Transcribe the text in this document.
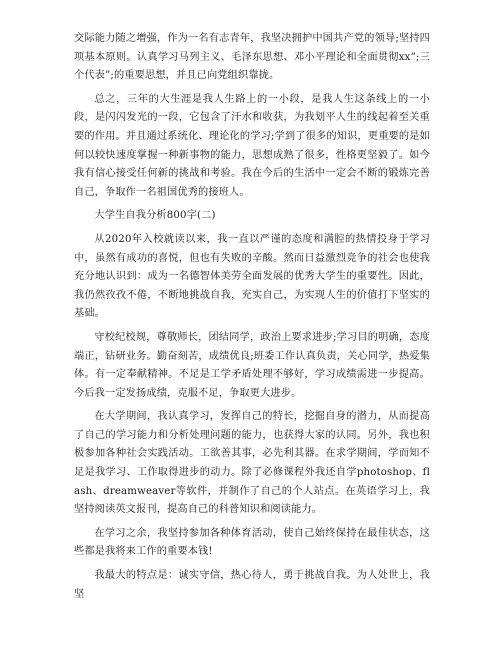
交际能力随之增强，作为一名有志青年，我坚决拥护中国共产党的领导;坚持四项基本原则。认真学习马列主义、毛泽东思想、邓小平理论和全面贯彻xx”;三个代表”;的重要思想，并且已向党组织靠拢。

总之，三年的大生涯是我人生路上的一小段，是我人生这条线上的一小段，是闪闪发光的一段，它包含了汗水和收获，为我划平人生的线起着至关重要的作用。并且通过系统化、理论化的学习;学到了很多的知识，更重要的是如何以较快速度掌握一种新事物的能力，思想成熟了很多，性格更坚毅了。如今我有信心接受任何新的挑战和考验。我在今后的生活中一定会不断的锻炼完善自己，争取作一名祖国优秀的接班人。

大学生自我分析800字(二)

从2020年入校就读以来，我一直以严谨的态度和满腔的热情投身于学习中，虽然有成功的喜悦，但也有失败的辛酸。然而日益激烈竞争的社会也使我充分地认识到：成为一名德智体美劳全面发展的优秀大学生的重要性。因此，我仍然孜孜不倦，不断地挑战自我，充实自己，为实现人生的价值打下坚实的基础。

守校纪校规，尊敬师长，团结同学，政治上要求进步;学习目的明确，态度端正，钻研业务。勤奋刻苦，成绩优良;班委工作认真负责，关心同学，热爱集体。有一定奉献精神。不足是工学矛盾处理不够好，学习成绩需进一步提高。今后我一定发扬成绩，克服不足，争取更大进步。

在大学期间，我认真学习，发挥自己的特长，挖掘自身的潜力，从而提高了自己的学习能力和分析处理问题的能力，也获得大家的认同。另外，我也积极参加各种社会实践活动。工欲善其事，必先利其器。在求学期间，学而知不足是我学习、工作取得进步的动力。除了必修课程外我还自学photoshop、flash、dreamweaver等软件，并制作了自己的个人站点。在英语学习上，我坚持阅读英文报刊，提高自己的科普知识和阅读能力。

在学习之余，我坚持参加各种体育活动，使自己始终保持在最佳状态，这些都是我将来工作的重要本钱!

我最大的特点是：诚实守信，热心待人，勇于挑战自我。为人处世上，我坚
